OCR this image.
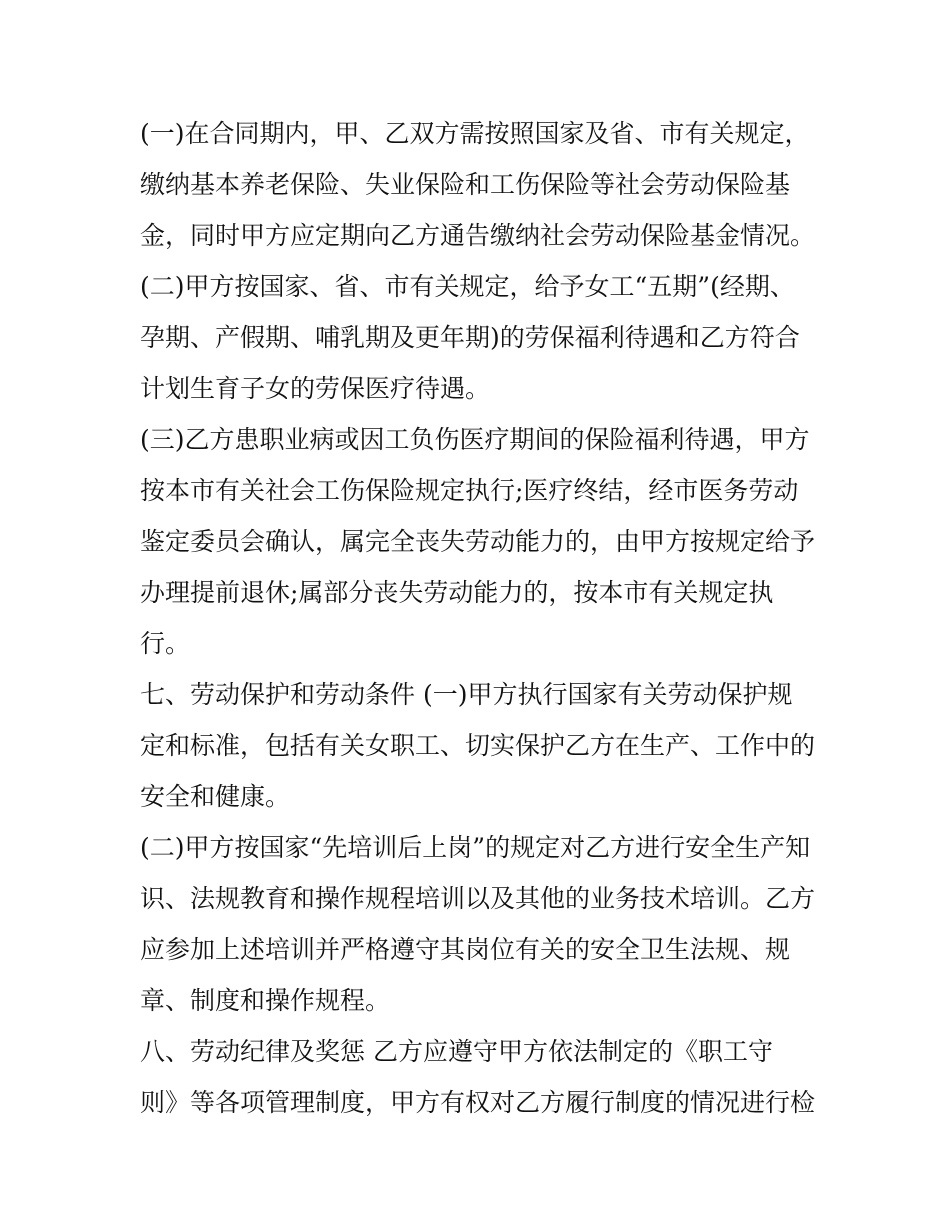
(一)在合同期内，甲、乙双方需按照国家及省、市有关规定，
缴纳基本养老保险、失业保险和工伤保险等社会劳动保险基
金，同时甲方应定期向乙方通告缴纳社会劳动保险基金情况。
(二)甲方按国家、省、市有关规定，给予女工“五期”(经期、
孕期、产假期、哺乳期及更年期)的劳保福利待遇和乙方符合
计划生育子女的劳保医疗待遇。
(三)乙方患职业病或因工负伤医疗期间的保险福利待遇，甲方
按本市有关社会工伤保险规定执行;医疗终结，经市医务劳动
鉴定委员会确认，属完全丧失劳动能力的，由甲方按规定给予
办理提前退休;属部分丧失劳动能力的，按本市有关规定执
行。
七、劳动保护和劳动条件 (一)甲方执行国家有关劳动保护规
定和标准，包括有关女职工、切实保护乙方在生产、工作中的
安全和健康。
(二)甲方按国家“先培训后上岗”的规定对乙方进行安全生产知
识、法规教育和操作规程培训以及其他的业务技术培训。乙方
应参加上述培训并严格遵守其岗位有关的安全卫生法规、规
章、制度和操作规程。
八、劳动纪律及奖惩 乙方应遵守甲方依法制定的《职工守
则》等各项管理制度，甲方有权对乙方履行制度的情况进行检
